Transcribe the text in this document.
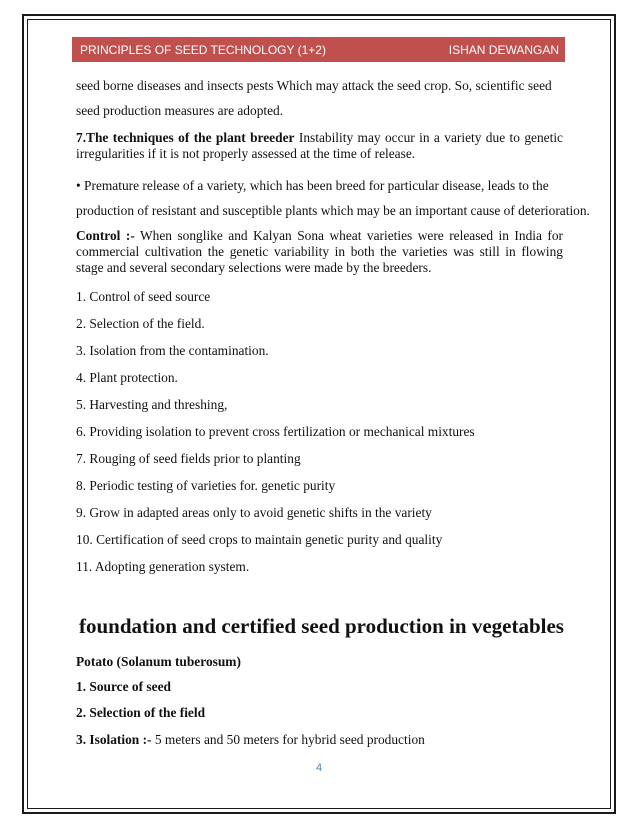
PRINCIPLES OF SEED TECHNOLOGY (1+2)	ISHAN DEWANGAN
seed borne diseases and insects pests Which may attack the seed crop. So, scientific seed
seed production measures are adopted.
7.The techniques of the plant breeder Instability may occur in a variety due to genetic irregularities if it is not properly assessed at the time of release.
• Premature release of a variety, which has been breed for particular disease, leads to the
production of resistant and susceptible plants which may be an important cause of deterioration.
Control :- When songlike and Kalyan Sona wheat varieties were released in India for commercial cultivation the genetic variability in both the varieties was still in flowing stage and several secondary selections were made by the breeders.
1. Control of seed source
2. Selection of the field.
3. Isolation from the contamination.
4. Plant protection.
5. Harvesting and threshing,
6. Providing isolation to prevent cross fertilization or mechanical mixtures
7. Rouging of seed fields prior to planting
8. Periodic testing of varieties for. genetic purity
9. Grow in adapted areas only to avoid genetic shifts in the variety
10. Certification of seed crops to maintain genetic purity and quality
11. Adopting generation system.
Potato (Solanum tuberosum)
1. Source of seed
2. Selection of the field
3. Isolation :- 5 meters and 50 meters for hybrid seed production
foundation and certified seed production in vegetables
4
